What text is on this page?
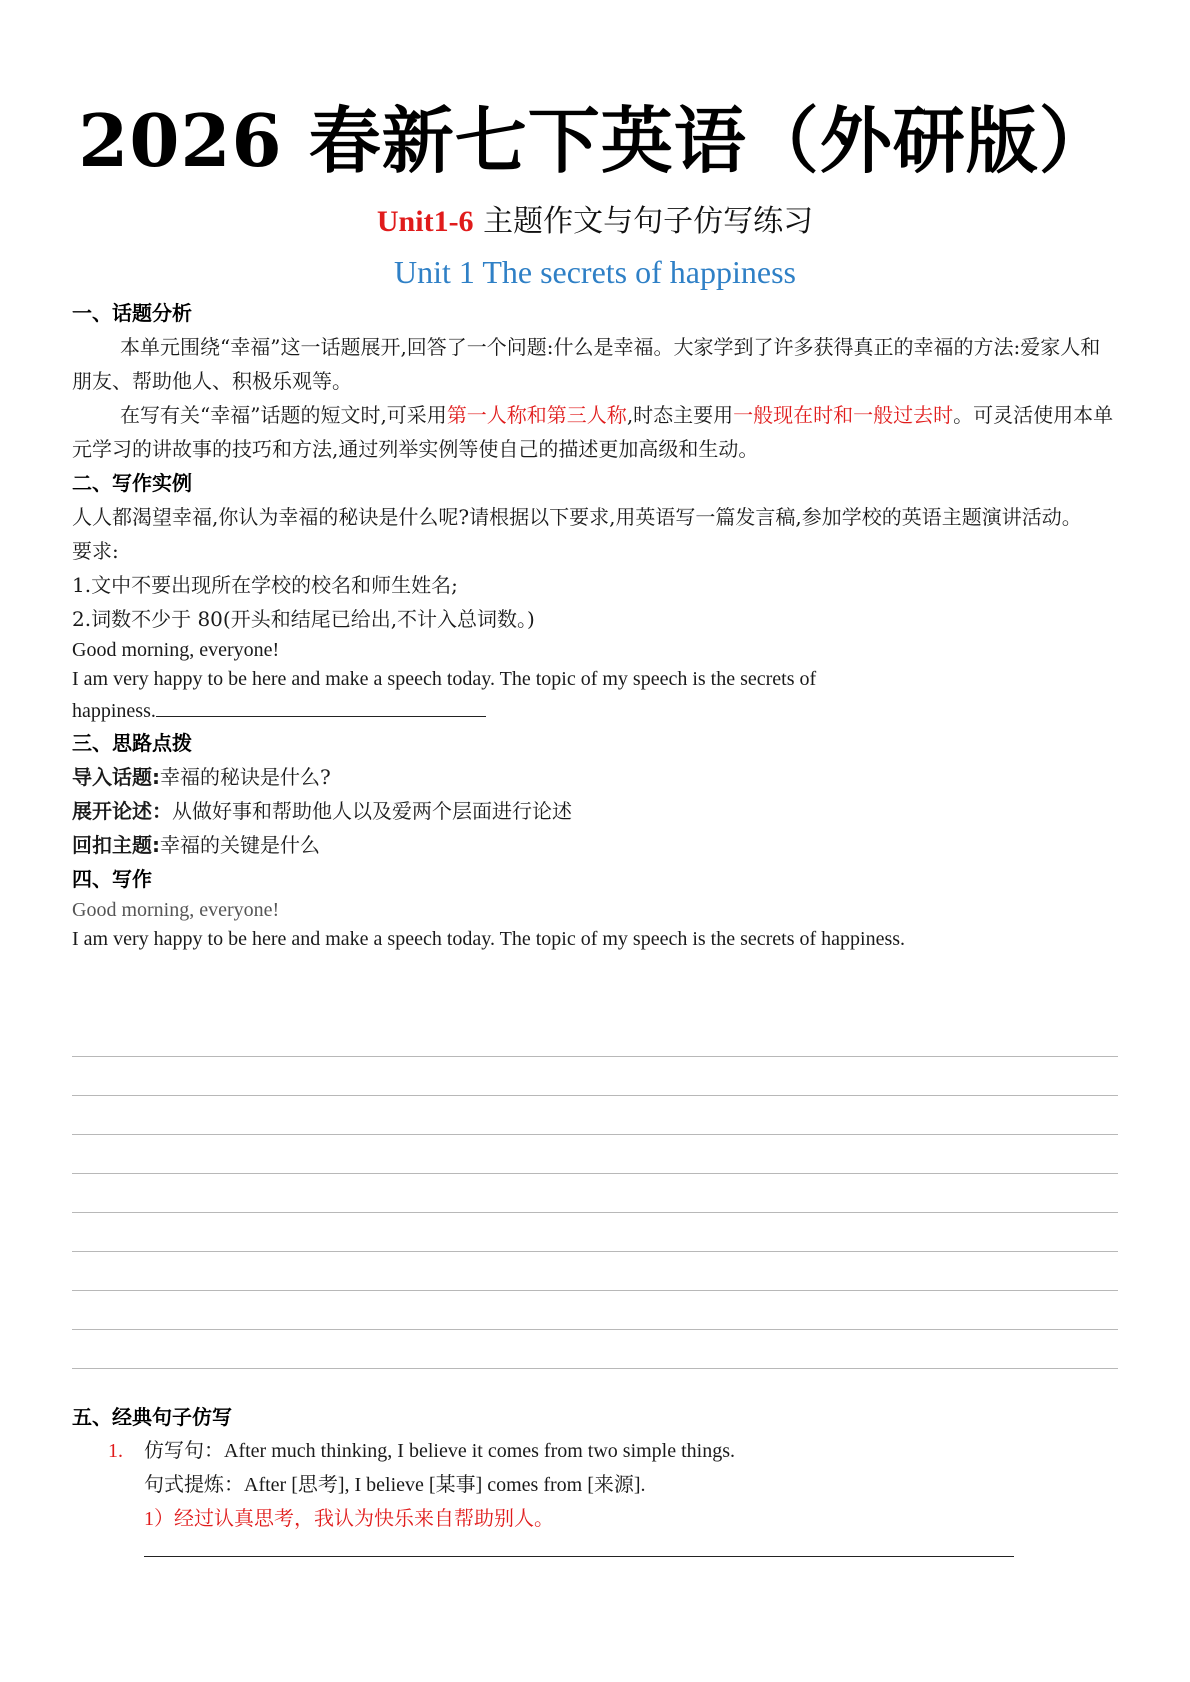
2026 春新七下英语（外研版）
Unit1-6 主题作文与句子仿写练习
Unit 1 The secrets of happiness
一、话题分析

本单元围绕“幸福”这一话题展开,回答了一个问题:什么是幸福。大家学到了许多获得真正的幸福的方法:爱家人和朋友、帮助他人、积极乐观等。

在写有关“幸福”话题的短文时,可采用第一人称和第三人称,时态主要用一般现在时和一般过去时。可灵活使用本单元学习的讲故事的技巧和方法,通过列举实例等使自己的描述更加高级和生动。

二、写作实例

人人都渴望幸福,你认为幸福的秘诀是什么呢?请根据以下要求,用英语写一篇发言稿,参加学校的英语主题演讲活动。

要求:

1.文中不要出现所在学校的校名和师生姓名;

2.词数不少于 80(开头和结尾已给出,不计入总词数。)

Good morning, everyone!

I am very happy to be here and make a speech today. The topic of my speech is the secrets of

happiness.

三、思路点拨

导入话题:幸福的秘诀是什么?

展开论述：从做好事和帮助他人以及爱两个层面进行论述

回扣主题:幸福的关键是什么

四、写作

Good morning, everyone!

I am very happy to be here and make a speech today. The topic of my speech is the secrets of happiness.

五、经典句子仿写
1. 仿写句：After much thinking, I believe it comes from two simple things.
句式提炼：After [思考], I believe [某事] comes from [来源].
1）经过认真思考，我认为快乐来自帮助别人。
